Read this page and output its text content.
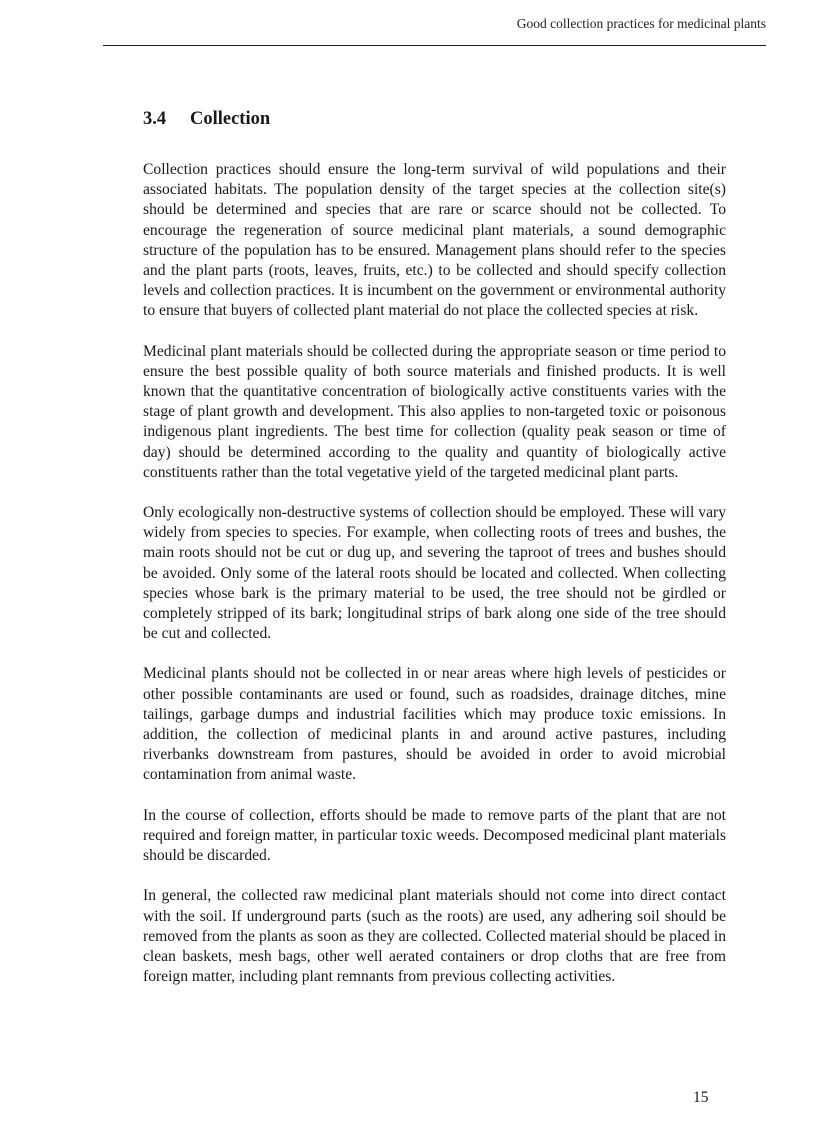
Good collection practices for medicinal plants
3.4 Collection

Collection practices should ensure the long-term survival of wild populations and their associated habitats. The population density of the target species at the collection site(s) should be determined and species that are rare or scarce should not be collected. To encourage the regeneration of source medicinal plant materials, a sound demographic structure of the population has to be ensured. Management plans should refer to the species and the plant parts (roots, leaves, fruits, etc.) to be collected and should specify collection levels and collection practices. It is incumbent on the government or environmental authority to ensure that buyers of collected plant material do not place the collected species at risk.

Medicinal plant materials should be collected during the appropriate season or time period to ensure the best possible quality of both source materials and finished products. It is well known that the quantitative concentration of biologically active constituents varies with the stage of plant growth and development. This also applies to non-targeted toxic or poisonous indigenous plant ingredients. The best time for collection (quality peak season or time of day) should be determined according to the quality and quantity of biologically active constituents rather than the total vegetative yield of the targeted medicinal plant parts.

Only ecologically non-destructive systems of collection should be employed. These will vary widely from species to species. For example, when collecting roots of trees and bushes, the main roots should not be cut or dug up, and severing the taproot of trees and bushes should be avoided. Only some of the lateral roots should be located and collected. When collecting species whose bark is the primary material to be used, the tree should not be girdled or completely stripped of its bark; longitudinal strips of bark along one side of the tree should be cut and collected.

Medicinal plants should not be collected in or near areas where high levels of pesticides or other possible contaminants are used or found, such as roadsides, drainage ditches, mine tailings, garbage dumps and industrial facilities which may produce toxic emissions. In addition, the collection of medicinal plants in and around active pastures, including riverbanks downstream from pastures, should be avoided in order to avoid microbial contamination from animal waste.

In the course of collection, efforts should be made to remove parts of the plant that are not required and foreign matter, in particular toxic weeds. Decomposed medicinal plant materials should be discarded.

In general, the collected raw medicinal plant materials should not come into direct contact with the soil. If underground parts (such as the roots) are used, any adhering soil should be removed from the plants as soon as they are collected. Collected material should be placed in clean baskets, mesh bags, other well aerated containers or drop cloths that are free from foreign matter, including plant remnants from previous collecting activities.

15
